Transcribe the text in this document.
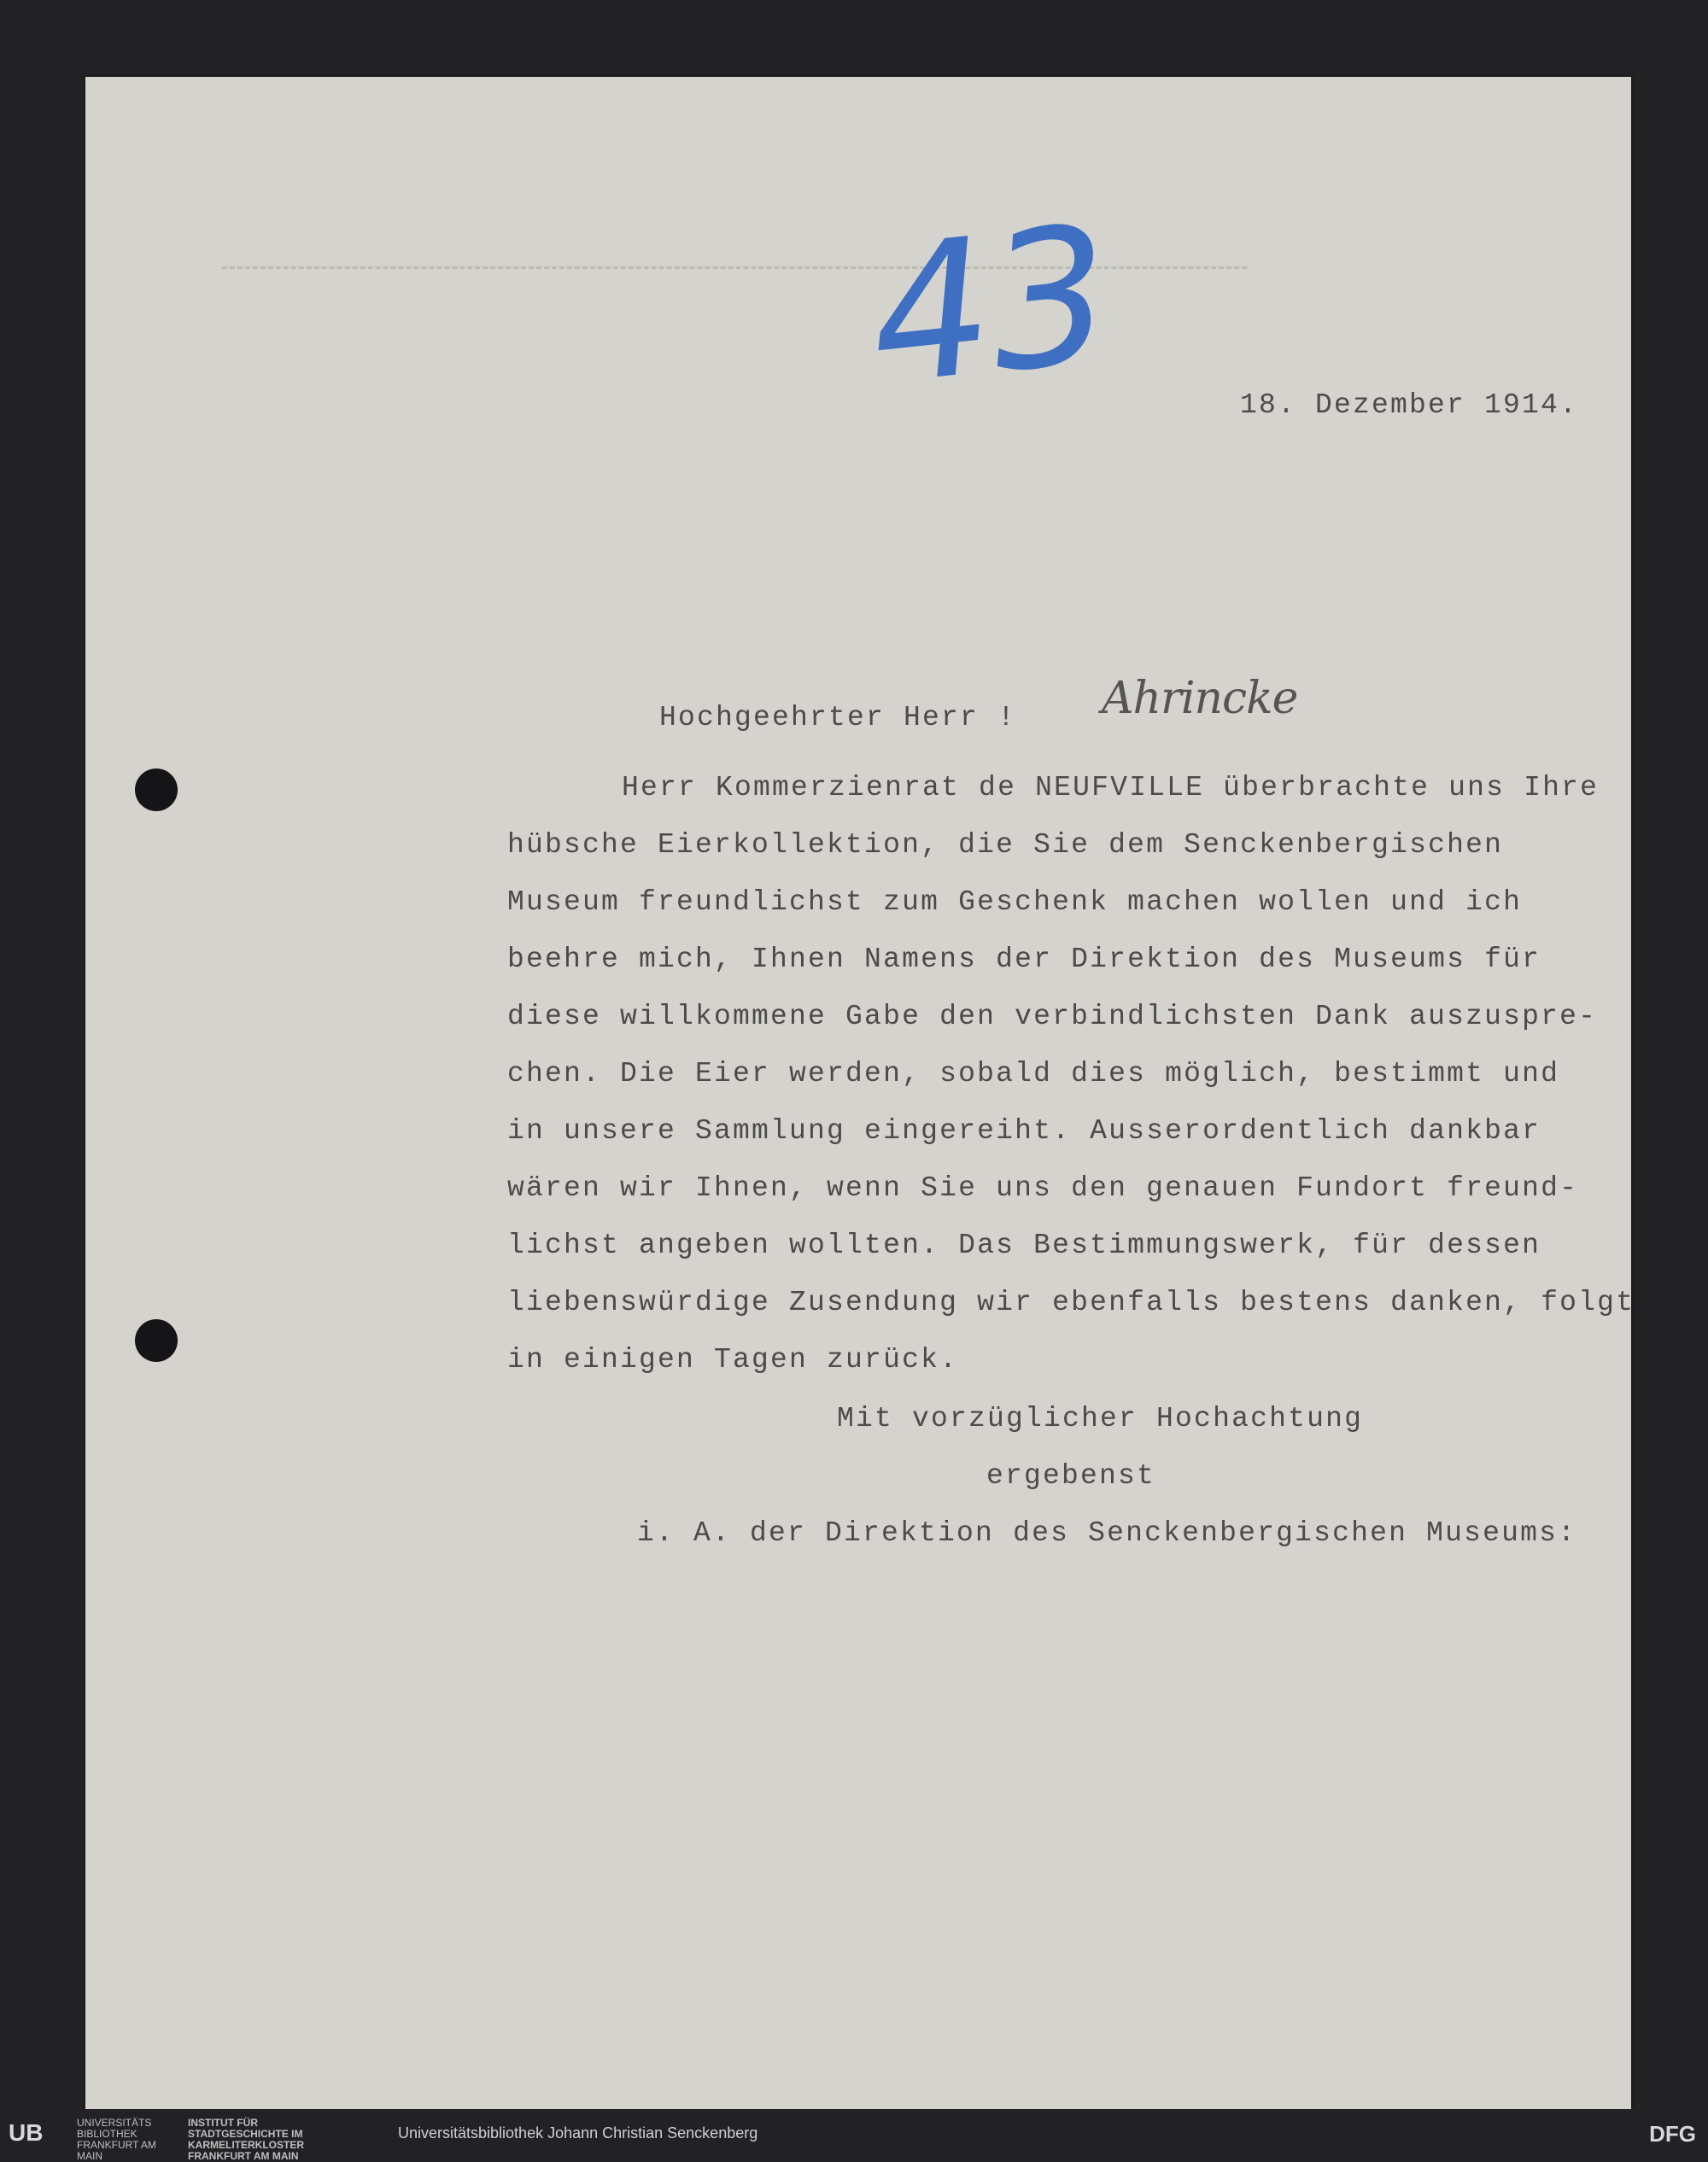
43	18. Dezember 1914.
Hochgeehrter Herr ! Ahrincke
Herr Kommerzienrat de NEUFVILLE überbrachte uns Ihre
hübsche Eierkollektion, die Sie dem Senckenbergischen
Museum freundlichst zum Geschenk machen wollen und ich
beehre mich, Ihnen Namens der Direktion des Museums für
diese willkommene Gabe den verbindlichsten Dank auszuspre-
chen. Die Eier werden, sobald dies möglich, bestimmt und
in unsere Sammlung eingereiht. Ausserordentlich dankbar
wären wir Ihnen, wenn Sie uns den genauen Fundort freund-
lichst angeben wollten. Das Bestimmungswerk, für dessen
liebenswürdige Zusendung wir ebenfalls bestens danken, folgt
in einigen Tagen zurück.
Mit vorzüglicher Hochachtung
ergebenst
i. A. der Direktion des Senckenbergischen Museums:
UB	UNIVERSITÄTS BIBLIOTHEK FRANKFURT AM MAIN
INSTITUT FÜR STADTGESCHICHTE IM KARMELITERKLOSTER FRANKFURT AM MAIN
Universitätsbibliothek Johann Christian Senckenberg	DFG
